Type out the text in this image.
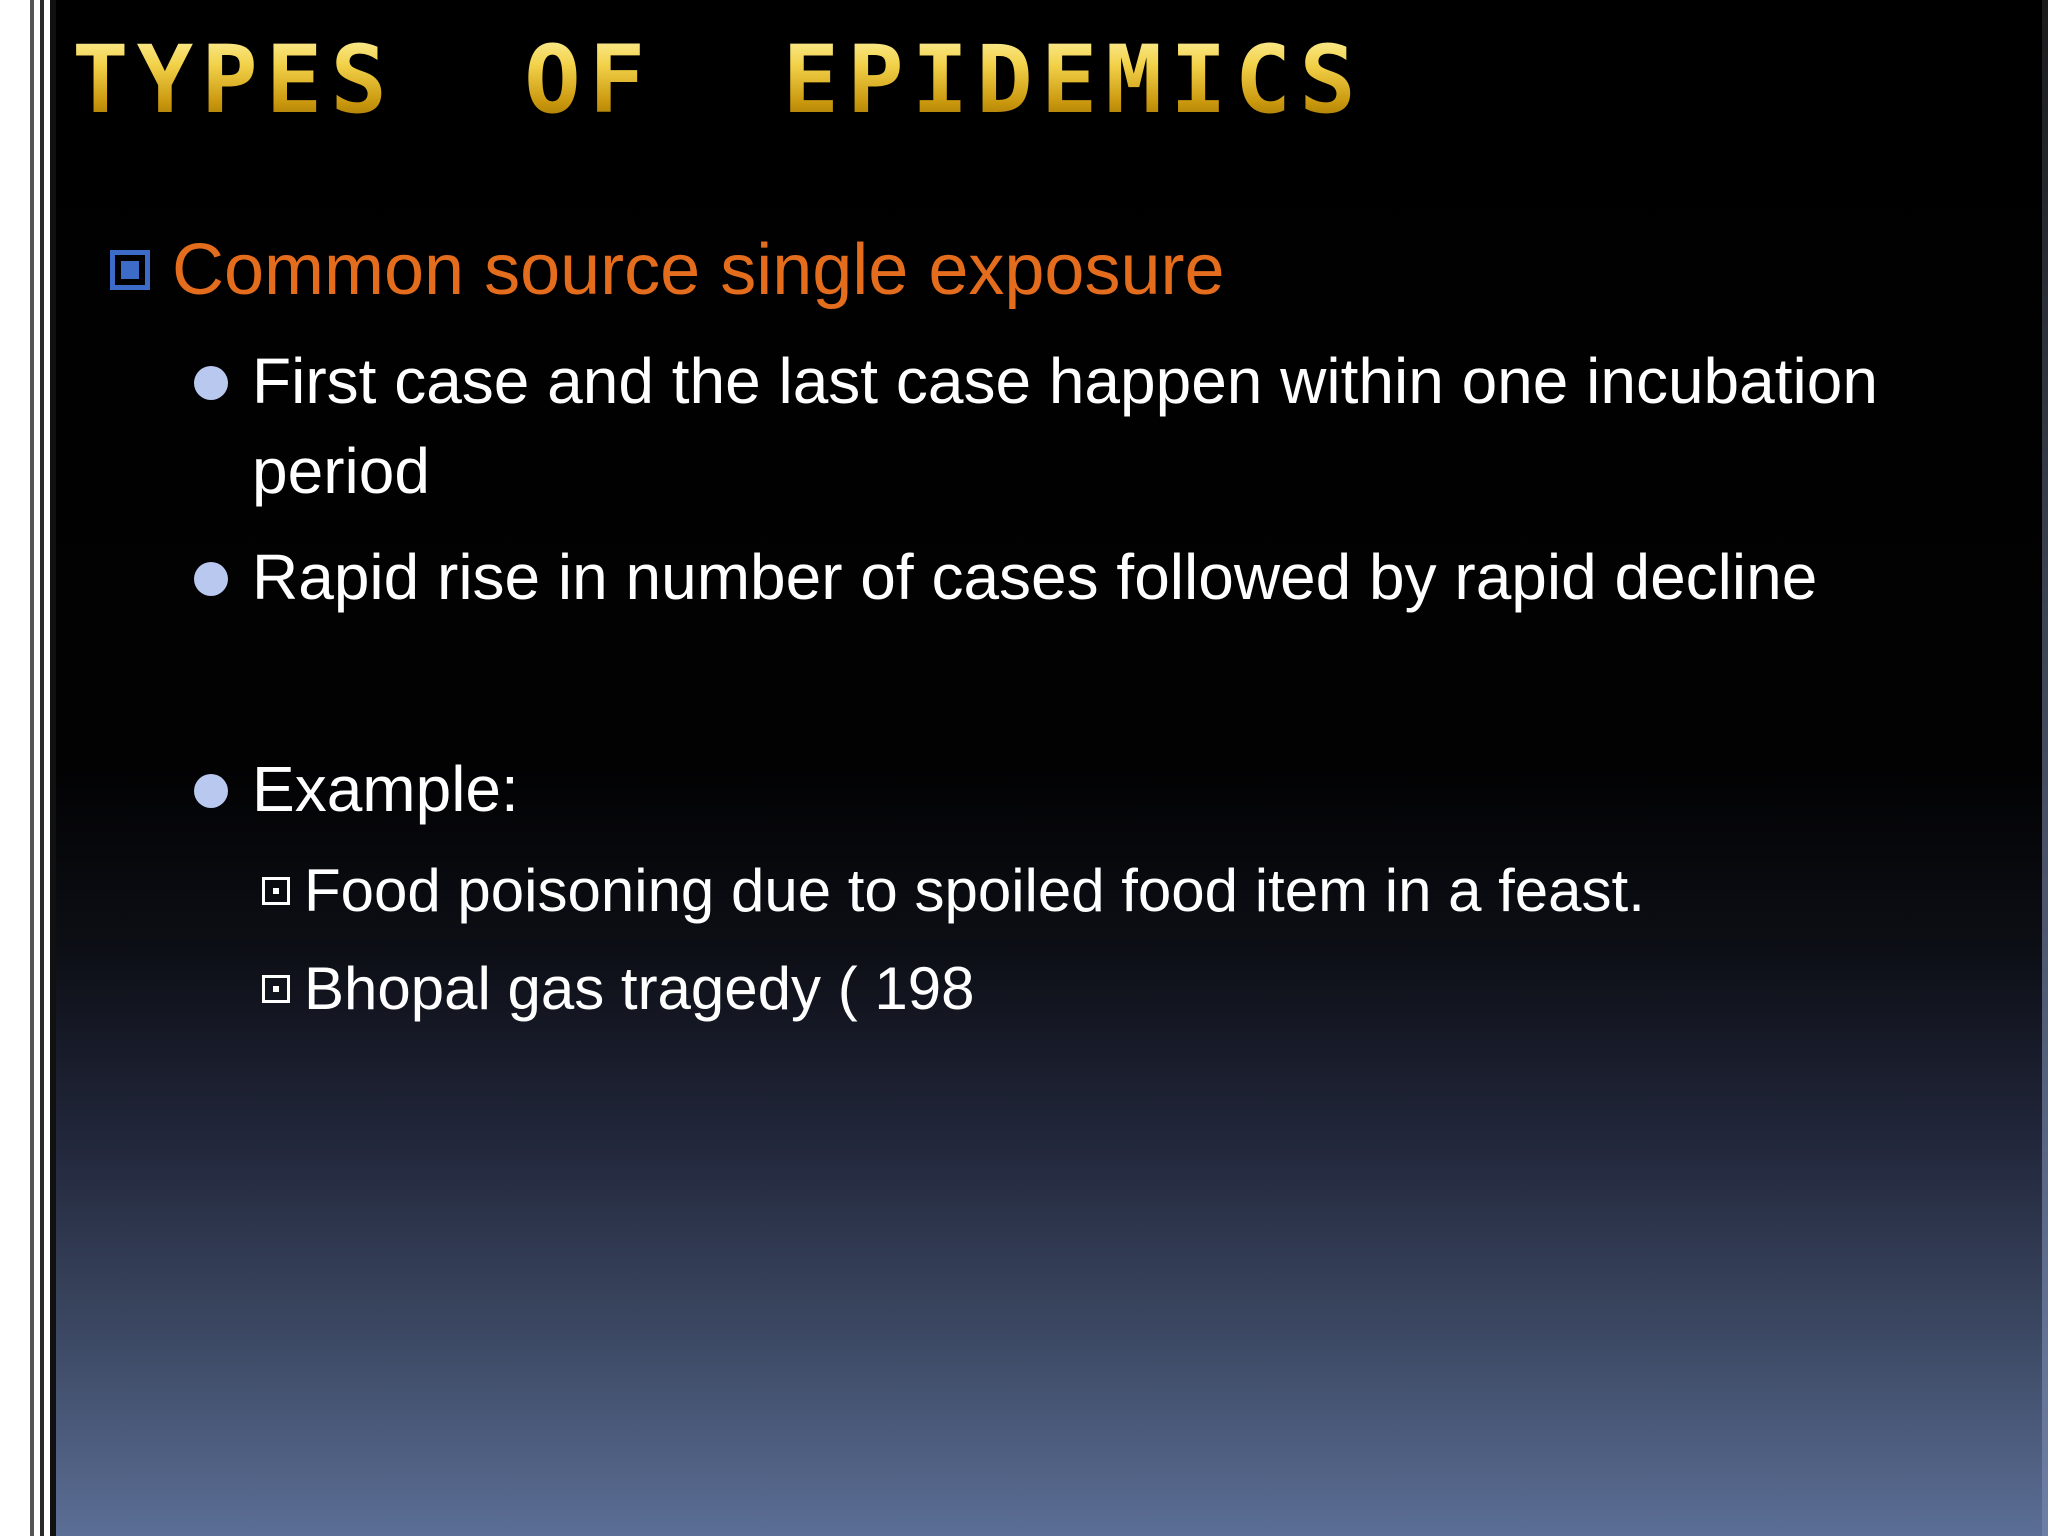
TYPES  OF  EPIDEMICS
Common source single exposure
First case and the last case happen within one incubation period
Rapid rise in number of cases followed by rapid decline
Example:
Food poisoning due to spoiled food item in a feast.
Bhopal gas tragedy ( 198
